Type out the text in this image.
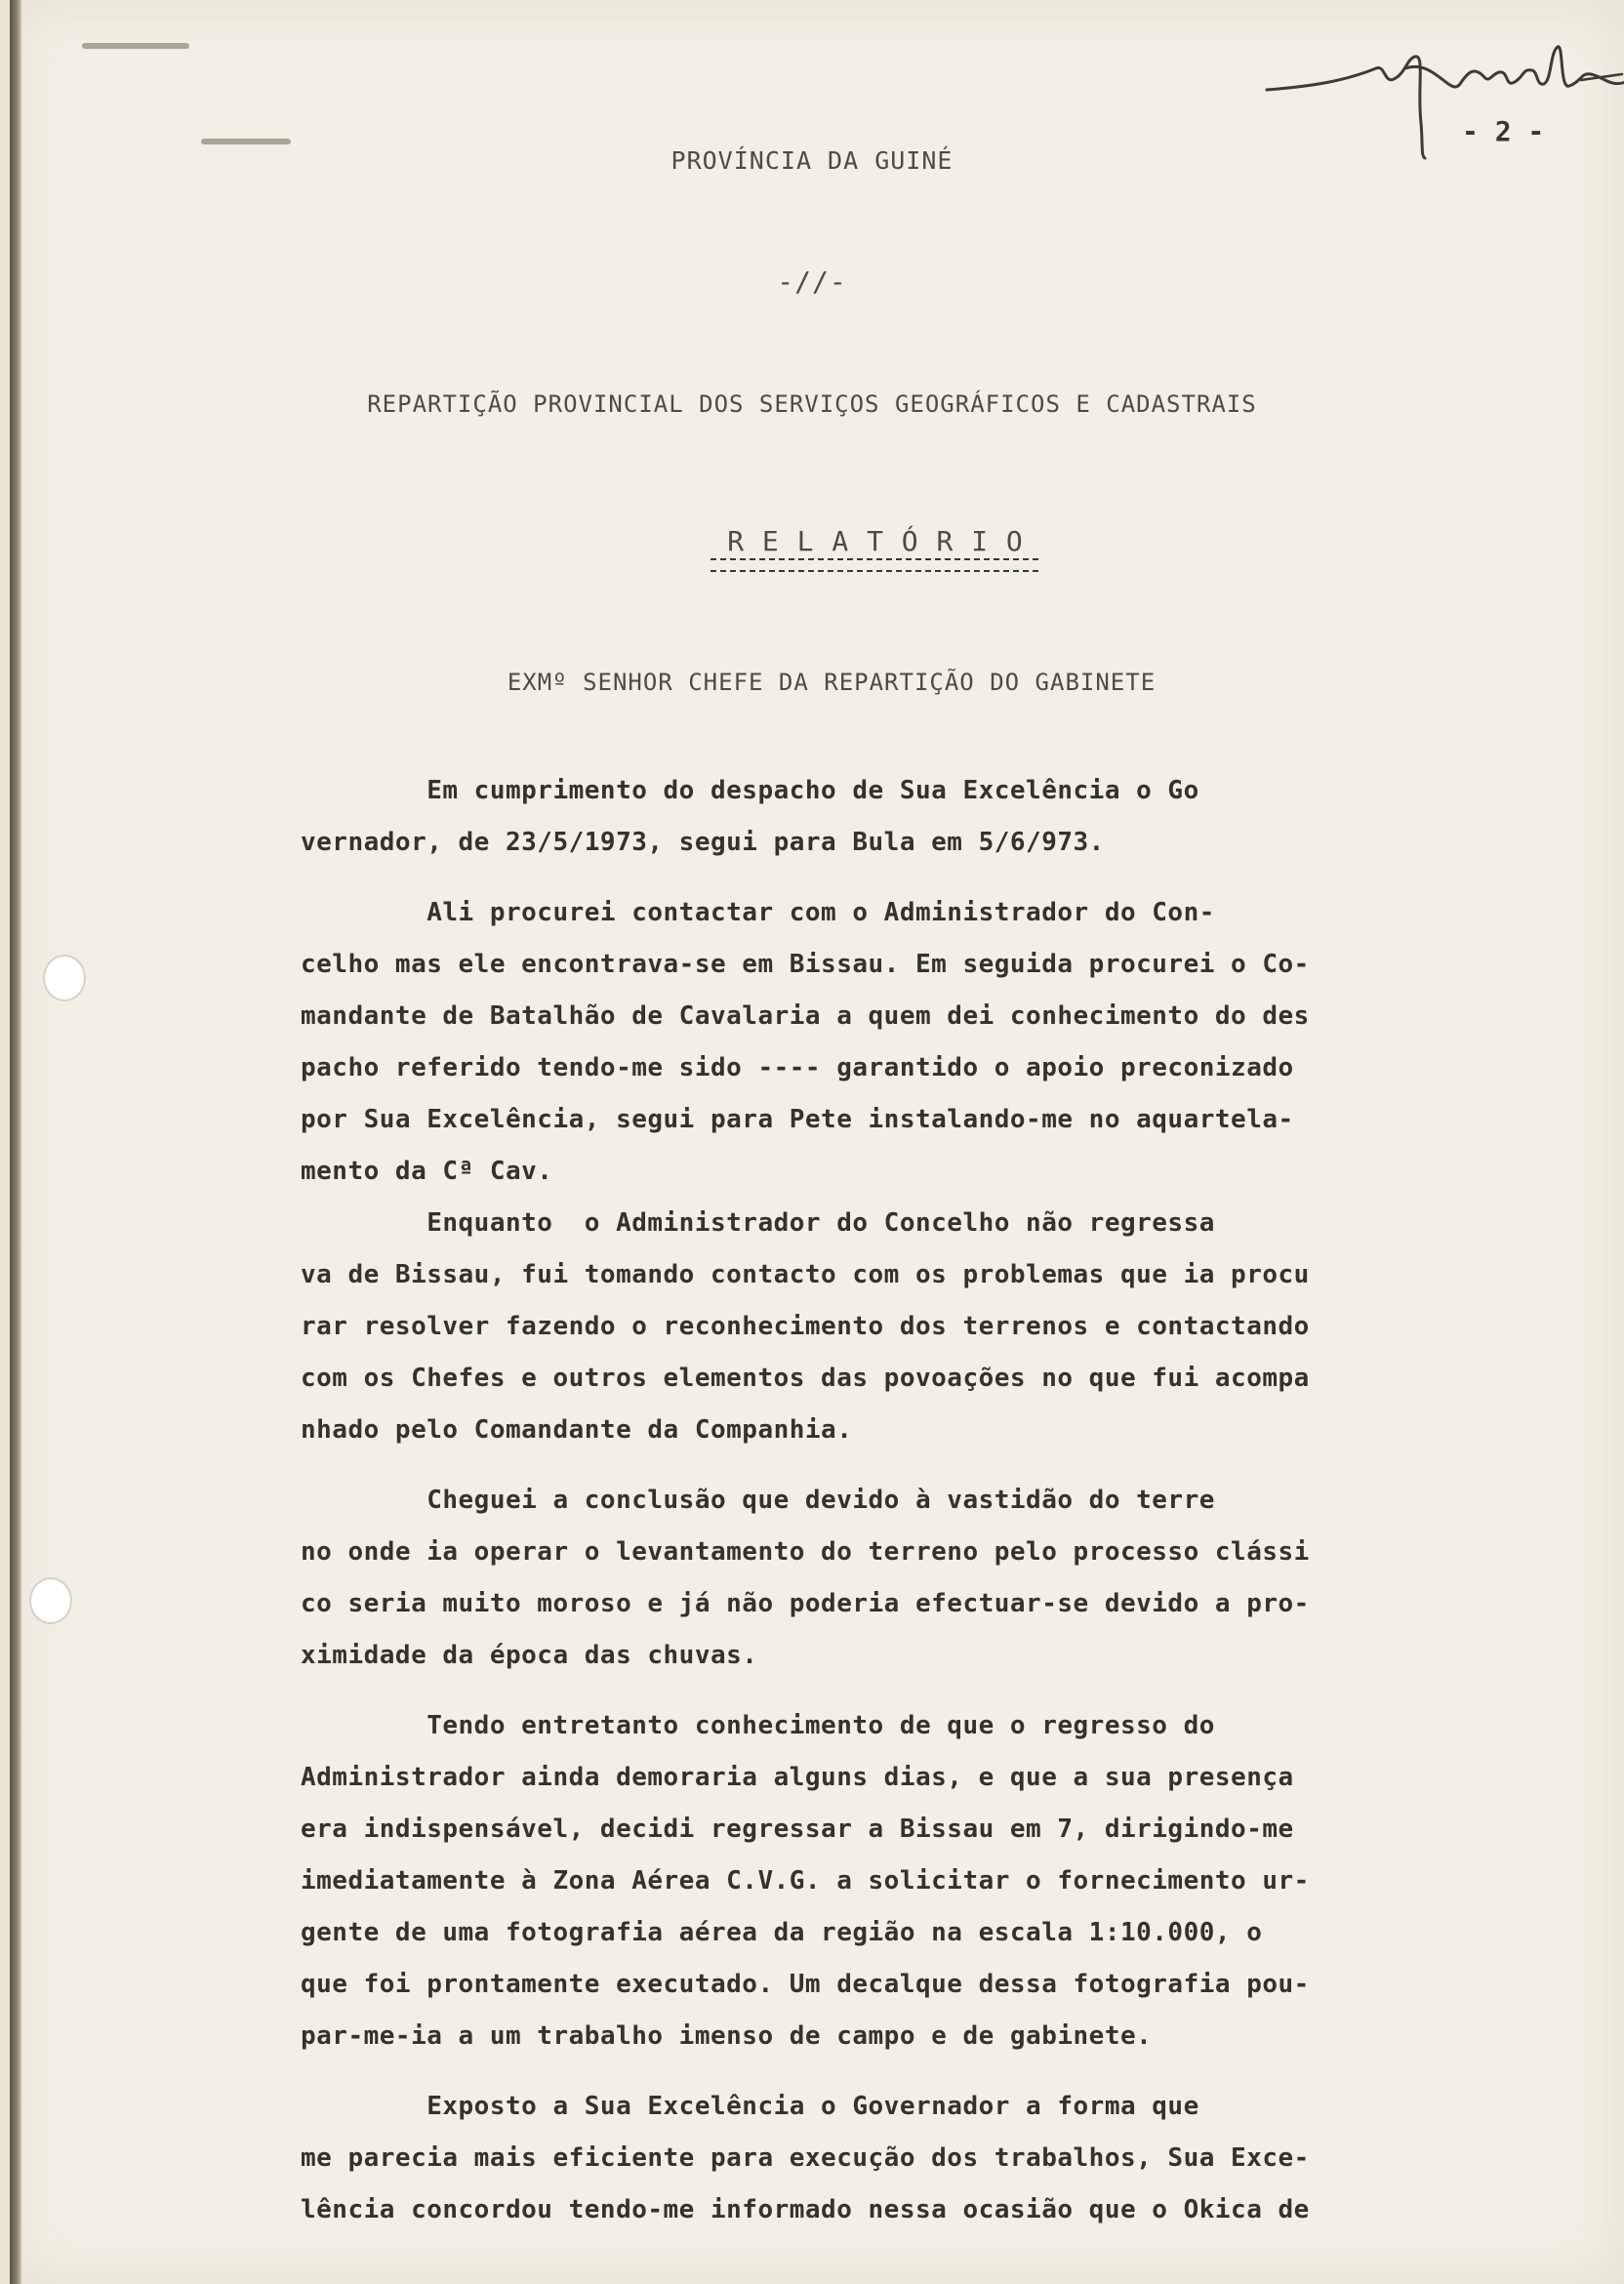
- 2 -
PROVÍNCIA DA GUINÉ
-//-
REPARTIÇÃO PROVINCIAL DOS SERVIÇOS GEOGRÁFICOS E CADASTRAIS
R E L A T Ó R I O
EXMº SENHOR CHEFE DA REPARTIÇÃO DO GABINETE
Em cumprimento do despacho de Sua Excelência o Go
vernador, de 23/5/1973, segui para Bula em 5/6/973.
Ali procurei contactar com o Administrador do Con-
celho mas ele encontrava-se em Bissau. Em seguida procurei o Co-
mandante de Batalhão de Cavalaria a quem dei conhecimento do des
pacho referido tendo-me sido ---- garantido o apoio preconizado
por Sua Excelência, segui para Pete instalando-me no aquartela-
mento da Cª Cav.
Enquanto  o Administrador do Concelho não regressa
va de Bissau, fui tomando contacto com os problemas que ia procu
rar resolver fazendo o reconhecimento dos terrenos e contactando
com os Chefes e outros elementos das povoações no que fui acompa
nhado pelo Comandante da Companhia.
Cheguei a conclusão que devido à vastidão do terre
no onde ia operar o levantamento do terreno pelo processo clássi
co seria muito moroso e já não poderia efectuar-se devido a pro-
ximidade da época das chuvas.
Tendo entretanto conhecimento de que o regresso do
Administrador ainda demoraria alguns dias, e que a sua presença
era indispensável, decidi regressar a Bissau em 7, dirigindo-me
imediatamente à Zona Aérea C.V.G. a solicitar o fornecimento ur-
gente de uma fotografia aérea da região na escala 1:10.000, o
que foi prontamente executado. Um decalque dessa fotografia pou-
par-me-ia a um trabalho imenso de campo e de gabinete.
Exposto a Sua Excelência o Governador a forma que
me parecia mais eficiente para execução dos trabalhos, Sua Exce-
lência concordou tendo-me informado nessa ocasião que o Okica de
